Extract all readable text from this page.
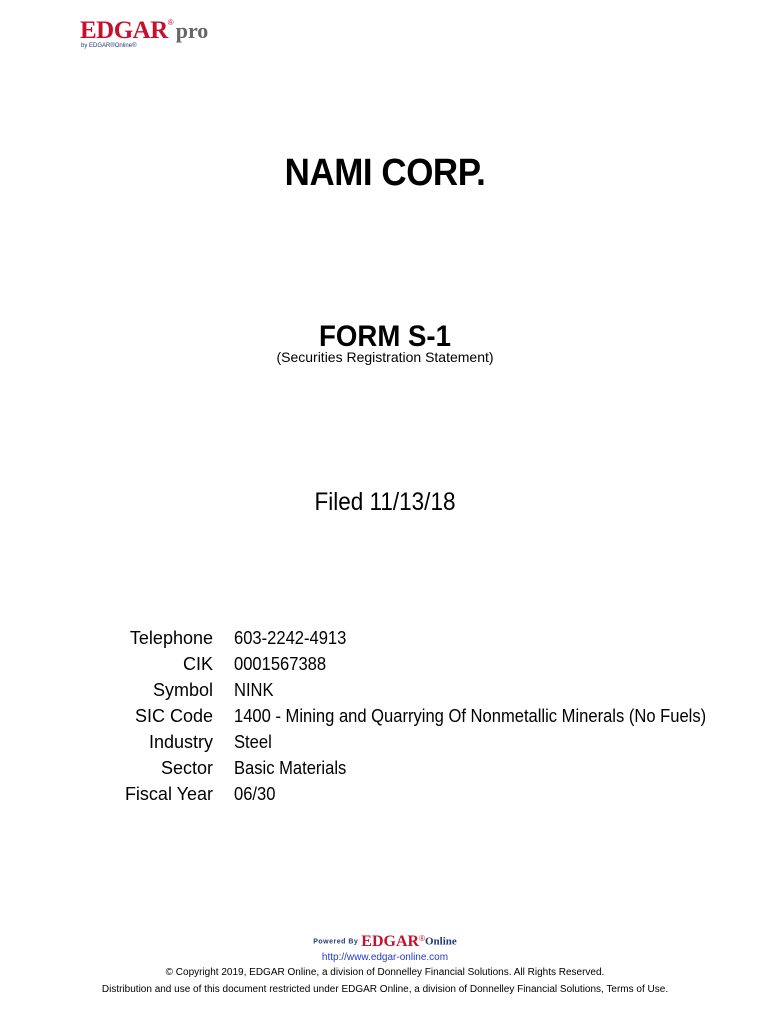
EDGAR®pro
by EDGAR®Online®
NAMI CORP.
FORM S-1
(Securities Registration Statement)
Filed 11/13/18
Telephone 603-2242-4913
CIK 0001567388
Symbol NINK
SIC Code 1400 - Mining and Quarrying Of Nonmetallic Minerals (No Fuels)
Industry Steel
Sector Basic Materials
Fiscal Year 06/30
Powered By EDGAR®Online
http://www.edgar-online.com
© Copyright 2019, EDGAR Online, a division of Donnelley Financial Solutions. All Rights Reserved.
Distribution and use of this document restricted under EDGAR Online, a division of Donnelley Financial Solutions, Terms of Use.
